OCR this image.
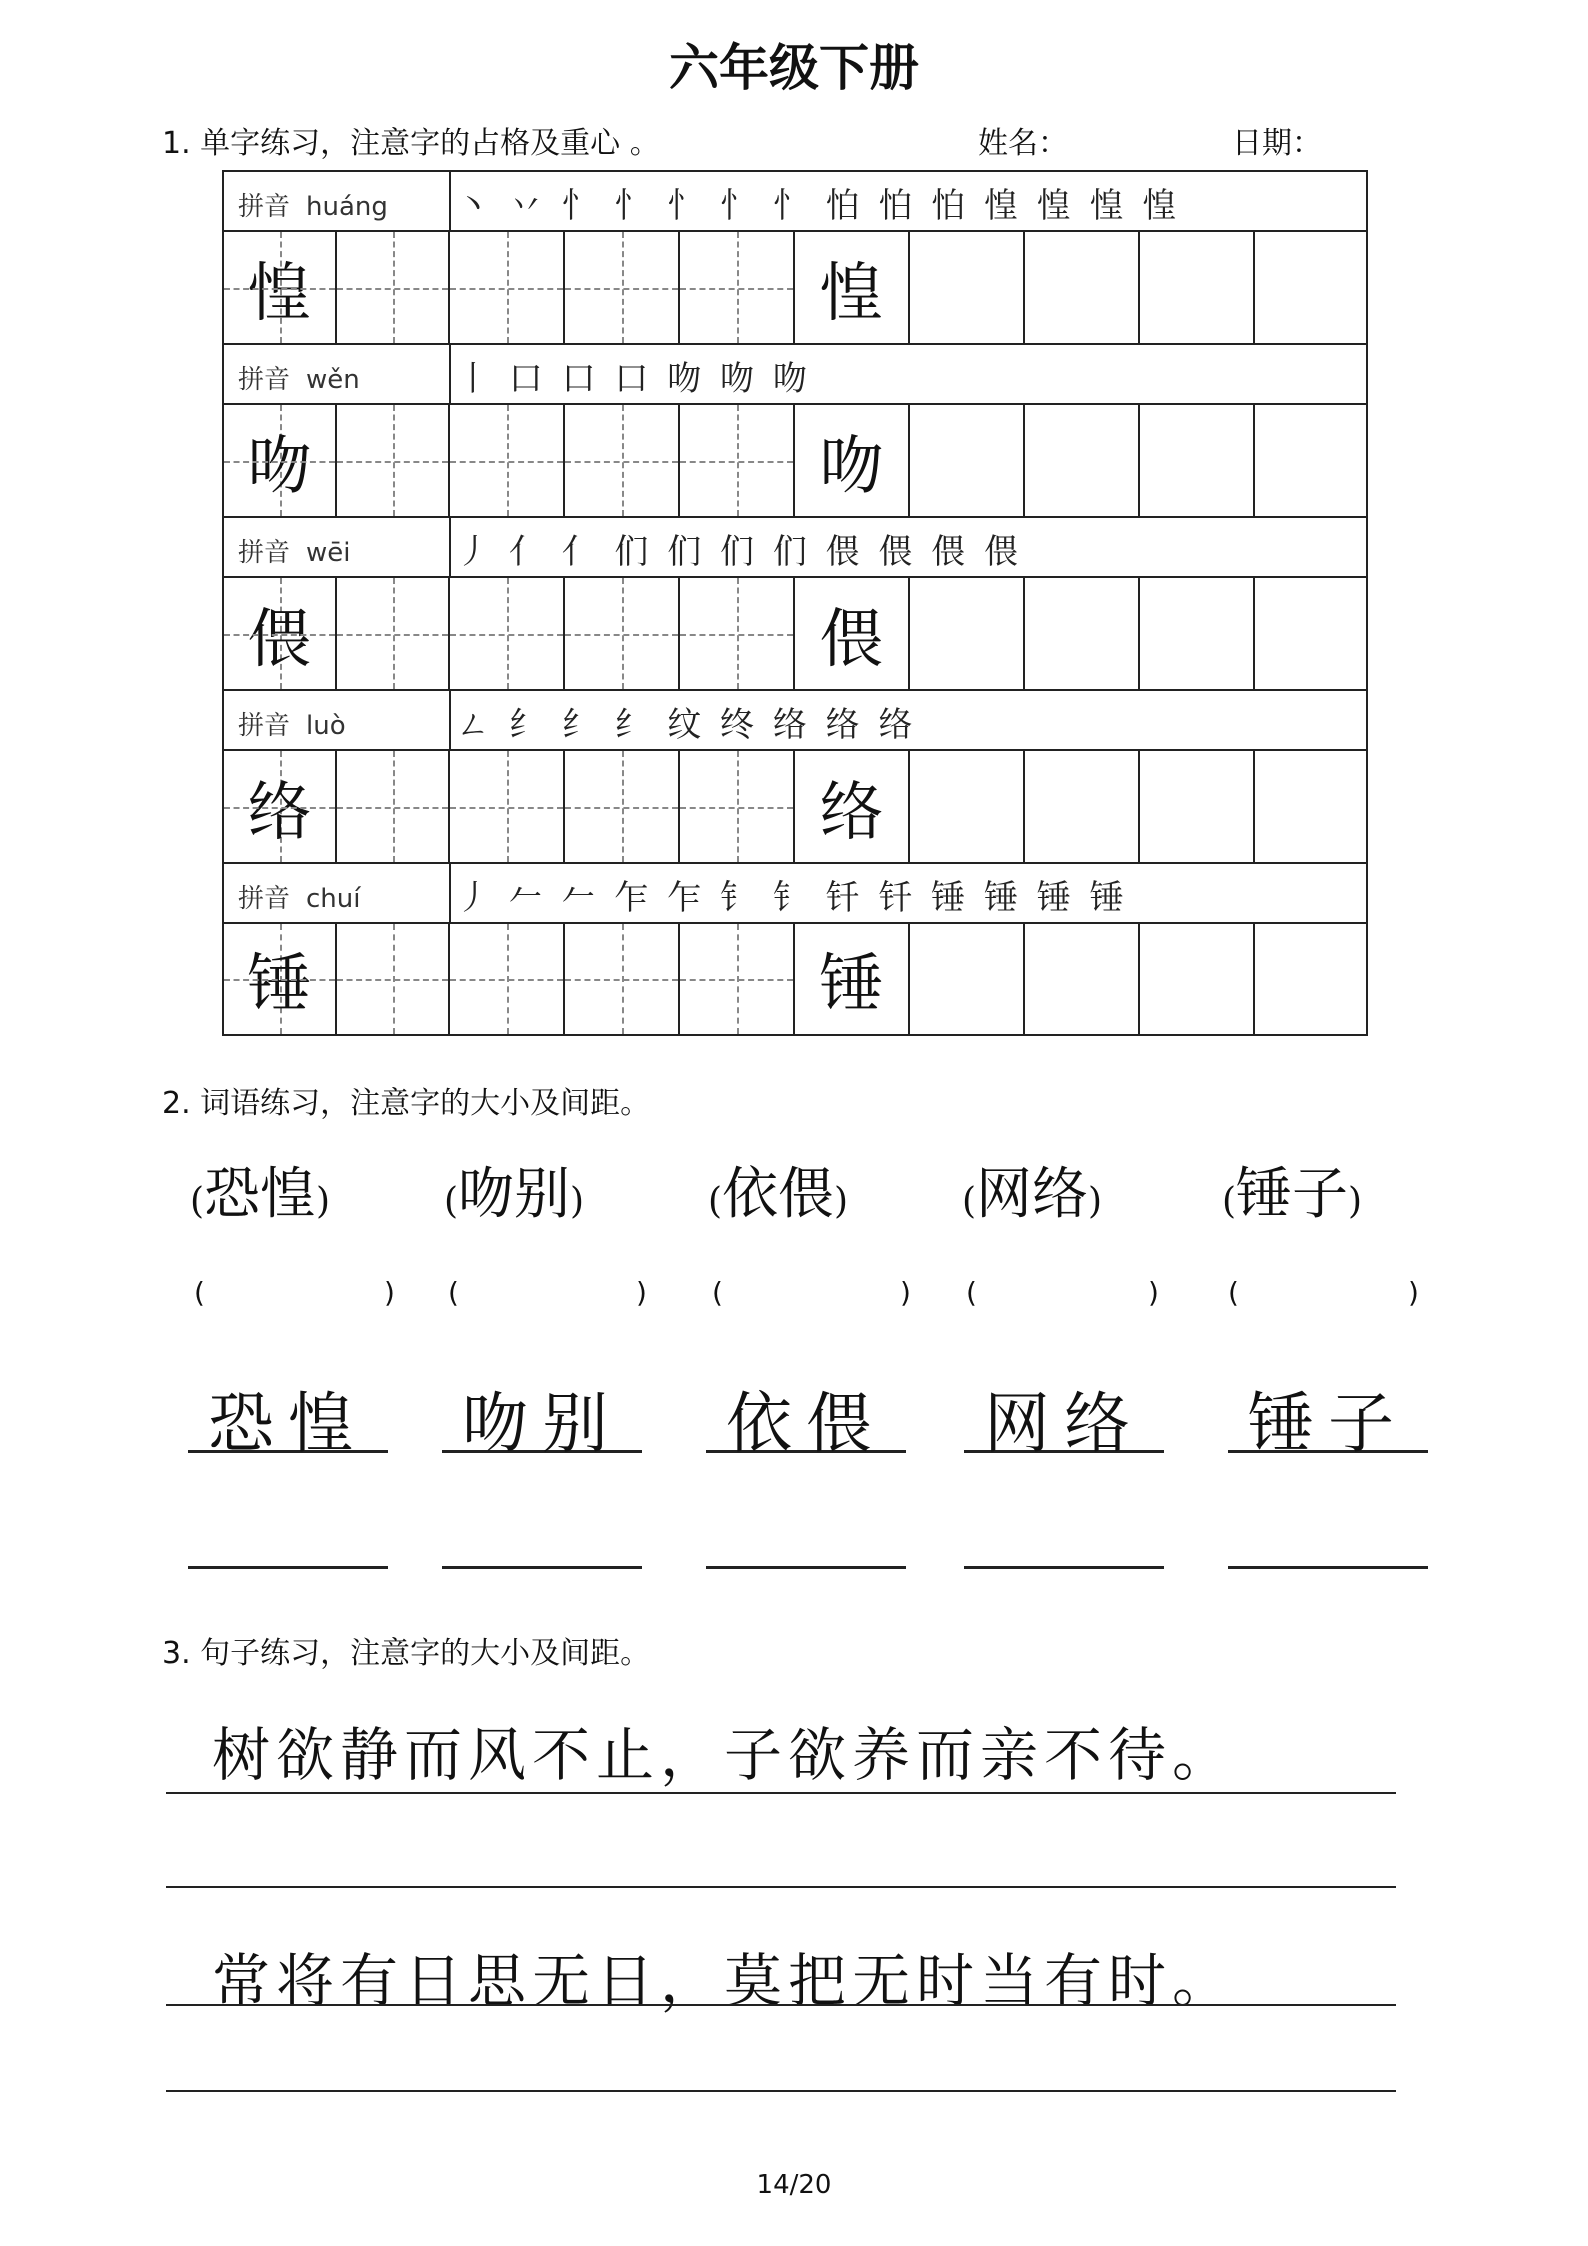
六年级下册
1. 单字练习，注意字的占格及重心 。	姓名：	日期：
拼音 huáng 丶 丷 忄 忄 忄 忄 忄 怕 怕 怕 惶 惶 惶 惶
惶	惶
拼音 wěn	丨 口 口 口 吻 吻 吻
吻	吻
拼音 wēi	丿 亻 亻 们 们 们 们 偎 偎 偎 偎
偎	偎
拼音 luò	ㄥ 纟 纟 纟 纹 终 络 络 络
络	络
拼音 chuí	丿 𠂉 𠂉 乍 乍 钅 钅 钎 钎 锤 锤 锤 锤
锤	锤
2. 词语练习，注意字的大小及间距。
(恐惶)	(吻别)	(依偎)	(网络)	(锤子)
(	) (	) (	) (	) (	)
恐惶	吻别	依偎	网络	锤子
3. 句子练习，注意字的大小及间距。
树欲静而风不止，子欲养而亲不待。
常将有日思无日，莫把无时当有时。
14/20
